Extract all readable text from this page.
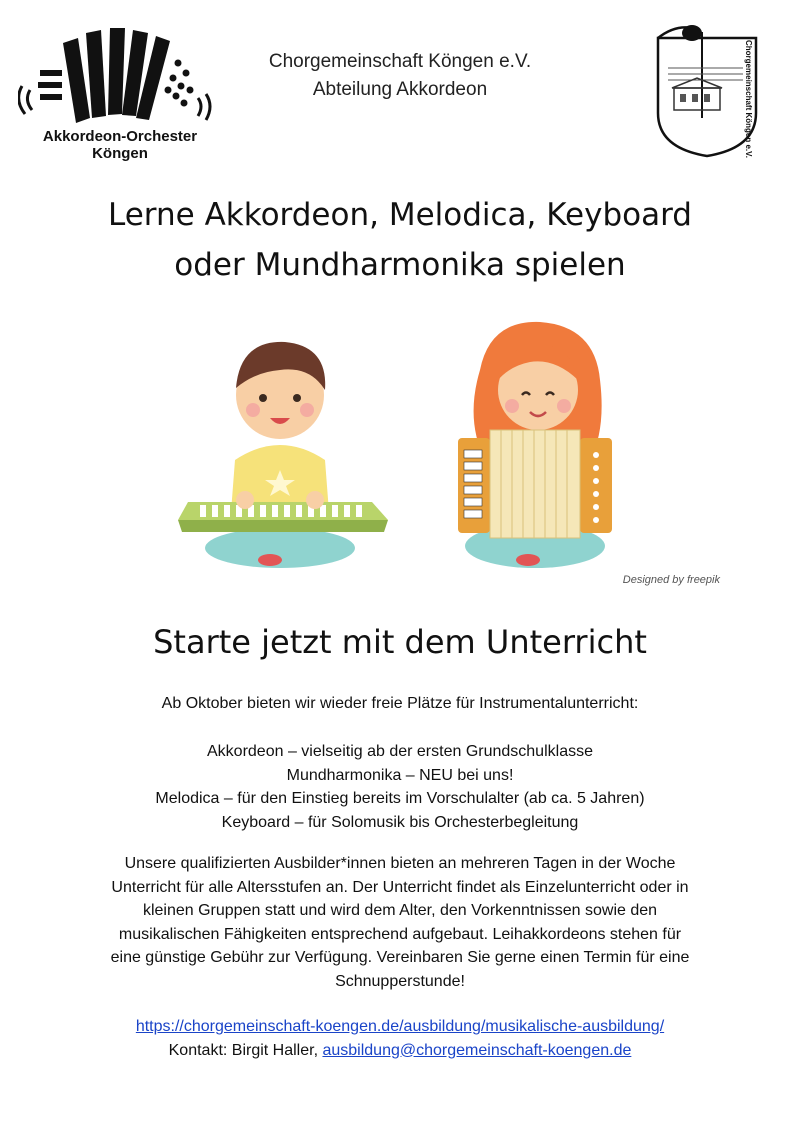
Akkordeon-Orchester
Köngen
Chorgemeinschaft Köngen e.V.
Abteilung Akkordeon	Chorgemeinschaft Köngen e.V.
Lerne Akkordeon, Melodica, Keyboard
oder Mundharmonika spielen
Designed by freepik
Starte jetzt mit dem Unterricht
Ab Oktober bieten wir wieder freie Plätze für Instrumentalunterricht:
Akkordeon – vielseitig ab der ersten Grundschulklasse
Mundharmonika – NEU bei uns!
Melodica – für den Einstieg bereits im Vorschulalter (ab ca. 5 Jahren)
Keyboard – für Solomusik bis Orchesterbegleitung
Unsere qualifizierten Ausbilder*innen bieten an mehreren Tagen in der Woche
Unterricht für alle Altersstufen an. Der Unterricht findet als Einzelunterricht oder in
kleinen Gruppen statt und wird dem Alter, den Vorkenntnissen sowie den
musikalischen Fähigkeiten entsprechend aufgebaut. Leihakkordeons stehen für
eine günstige Gebühr zur Verfügung. Vereinbaren Sie gerne einen Termin für eine
Schnupperstunde!
https://chorgemeinschaft-koengen.de/ausbildung/musikalische-ausbildung/
Kontakt: Birgit Haller, ausbildung@chorgemeinschaft-koengen.de
